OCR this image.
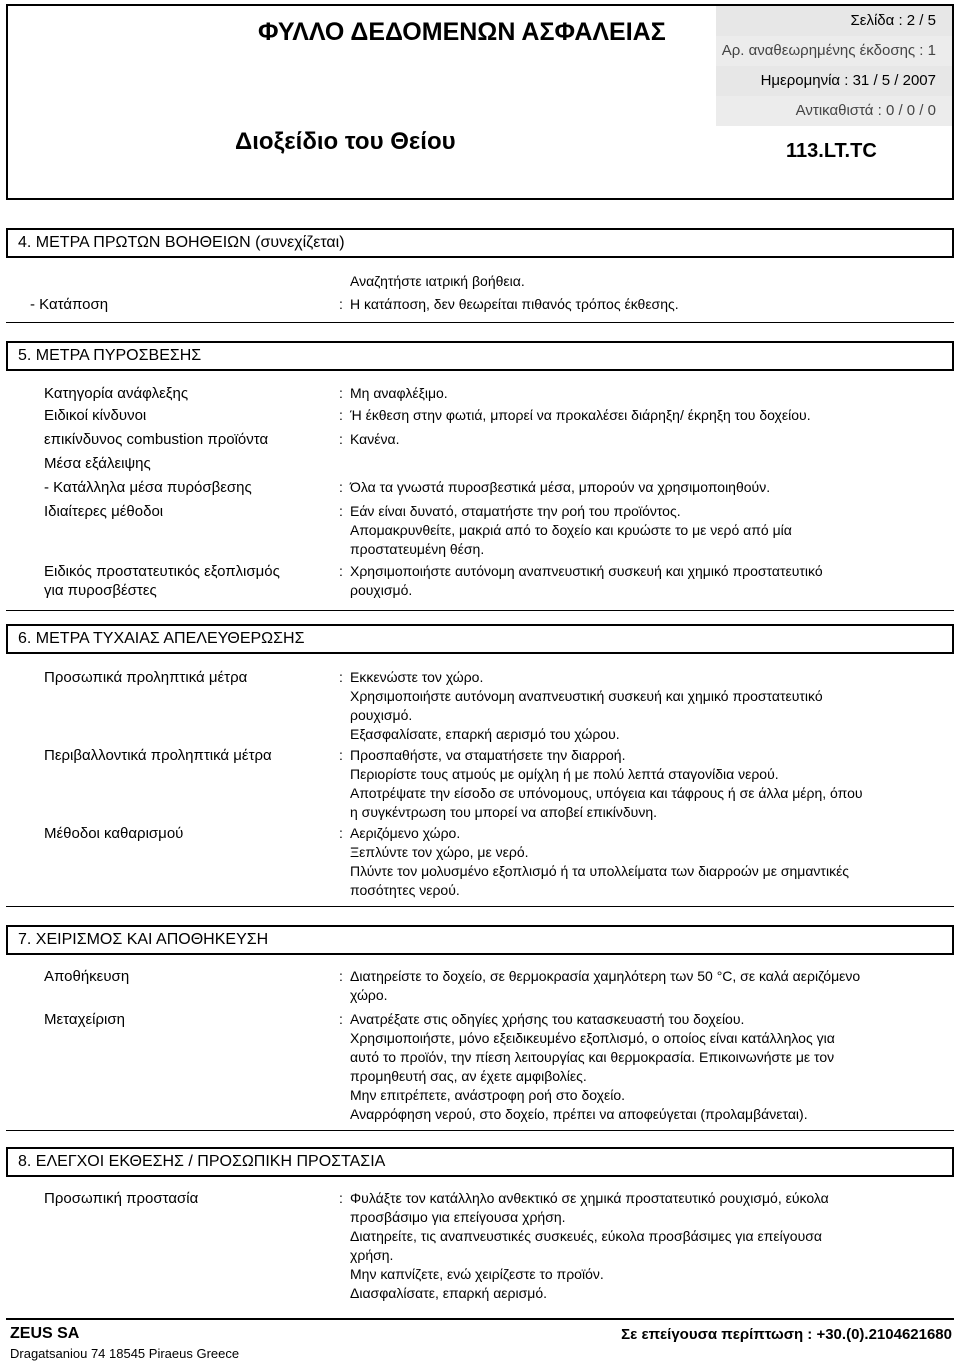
Σελίδα : 2 / 5
Αρ. αναθεωρημένης έκδοσης : 1
Ημερομηνία : 31 / 5 / 2007
Αντικαθιστά : 0 / 0 / 0
ΦΥΛΛΟ ΔΕΔΟΜΕΝΩΝ ΑΣΦΑΛΕΙΑΣ
Διοξείδιο του Θείου	113.LT.TC
4. ΜΕΤΡΑ ΠΡΩΤΩΝ ΒΟΗΘΕΙΩΝ (συνεχίζεται)
Αναζητήστε ιατρική βοήθεια.
- Κατάποση	: Η κατάποση, δεν θεωρείται πιθανός τρόπος έκθεσης.
5. ΜΕΤΡΑ ΠΥΡΟΣΒΕΣΗΣ
Κατηγορία ανάφλεξης	: Μη αναφλέξιμο.
Ειδικοί κίνδυνοι	: Ή έκθεση στην φωτιά, μπορεί να προκαλέσει διάρηξη/ έκρηξη του δοχείου.
επικίνδυνος combustion προϊόντα	: Κανένα.
Μέσα εξάλειψης
- Κατάλληλα μέσα πυρόσβεσης	: Όλα τα γνωστά πυροσβεστικά μέσα, μπορούν να χρησιμοποιηθούν.
Ιδιαίτερες μέθοδοι	: Εάν είναι δυνατό, σταματήστε την ροή του προϊόντος.
Απομακρυνθείτε, μακριά από το δοχείο και κρυώστε το με νερό από μία
προστατευμένη θέση.
Ειδικός προστατευτικός εξοπλισμός
για πυροσβέστες
: Χρησιμοποιήστε αυτόνομη αναπνευστική συσκευή και χημικό προστατευτικό
ρουχισμό.
6. ΜΕΤΡΑ ΤΥΧΑΙΑΣ ΑΠΕΛΕΥΘΕΡΩΣΗΣ
Προσωπικά προληπτικά μέτρα	: Εκκενώστε τον χώρο.
Χρησιμοποιήστε αυτόνομη αναπνευστική συσκευή και χημικό προστατευτικό
ρουχισμό.
Εξασφαλίσατε, επαρκή αερισμό του χώρου.
Περιβαλλοντικά προληπτικά μέτρα	: Προσπαθήστε, να σταματήσετε την διαρροή.
Περιορίστε τους ατμούς με ομίχλη ή με πολύ λεπτά σταγονίδια νερού.
Αποτρέψατε την είσοδο σε υπόνομους, υπόγεια και τάφρους ή σε άλλα μέρη, όπου
η συγκέντρωση του μπορεί να αποβεί επικίνδυνη.
Μέθοδοι καθαρισμού	: Αεριζόμενο χώρο.
Ξεπλύντε τον χώρο, με νερό.
Πλύντε τον μολυσμένο εξοπλισμό ή τα υπολλείματα των διαρροών με σημαντικές
ποσότητες νερού.
7. ΧΕΙΡΙΣΜΟΣ ΚΑΙ ΑΠΟΘΗΚΕΥΣΗ
Αποθήκευση	: Διατηρείστε το δοχείο, σε θερμοκρασία χαμηλότερη των 50 °C, σε καλά αεριζόμενο
χώρο.
Μεταχείριση	: Ανατρέξατε στις οδηγίες χρήσης του κατασκευαστή του δοχείου.
Χρησιμοποιήστε, μόνο εξειδικευμένο εξοπλισμό, ο οποίος είναι κατάλληλος για
αυτό το προϊόν, την πίεση λειτουργίας και θερμοκρασία. Επικοινωνήστε με τον
προμηθευτή σας, αν έχετε αμφιβολίες.
Μην επιτρέπετε, ανάστροφη ροή στο δοχείο.
Αναρρόφηση νερού, στο δοχείο, πρέπει να αποφεύγεται (προλαμβάνεται).
8. ΕΛΕΓΧΟΙ ΕΚΘΕΣΗΣ / ΠΡΟΣΩΠΙΚΗ ΠΡΟΣΤΑΣΙΑ
Προσωπική προστασία	: Φυλάξτε τον κατάλληλο ανθεκτικό σε χημικά προστατευτικό ρουχισμό, εύκολα
προσβάσιμο για επείγουσα χρήση.
Διατηρείτε, τις αναπνευστικές συσκευές, εύκολα προσβάσιμες για επείγουσα
χρήση.
Μην καπνίζετε, ενώ χειρίζεστε το προϊόν.
Διασφαλίσατε, επαρκή αερισμό.
ZEUS SA
Dragatsaniou 74 18545 Piraeus Greece
Σε επείγουσα περίπτωση : +30.(0).2104621680
